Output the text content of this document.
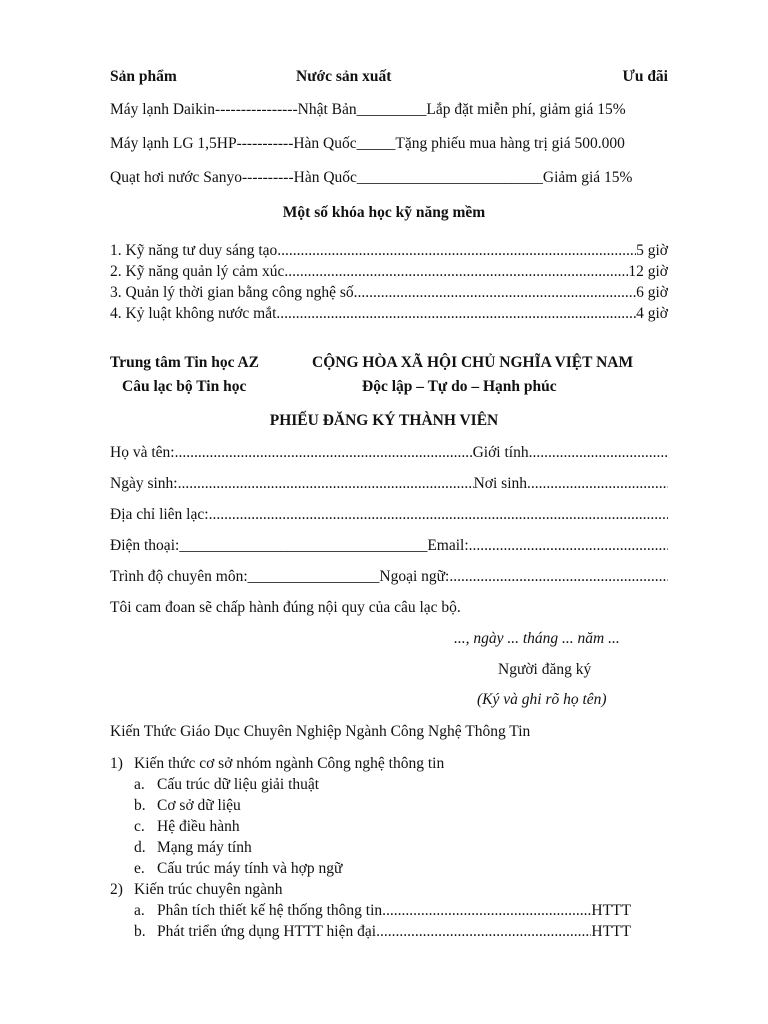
Sản phẩm	Nước sản xuất	Ưu đãi
Máy lạnh Daikin----------------Nhật Bản_________Lắp đặt miễn phí, giảm giá 15%
Máy lạnh LG 1,5HP-----------Hàn Quốc_____Tặng phiếu mua hàng trị giá 500.000
Quạt hơi nước Sanyo----------Hàn Quốc________________________Giảm giá 15%
Một số khóa học kỹ năng mềm
1. Kỹ năng tư duy sáng tạo .....	5 giờ
2. Kỹ năng quản lý cảm xúc .....	12 giờ
3. Quản lý thời gian bằng công nghệ số .....	6 giờ
4. Kỷ luật không nước mắt .....	4 giờ
Trung tâm Tin học AZ
Câu lạc bộ Tin học
CỘNG HÒA XÃ HỘI CHỦ NGHĨA VIỆT NAM
Độc lập – Tự do – Hạnh phúc
PHIẾU ĐĂNG KÝ THÀNH VIÊN
Họ và tên: .....	Giới tính
.....
Ngày sinh: .....	Nơi sinh
.....
Địa chỉ liên lạc:
.....
Điện thoại: ________________________________ Email:
.....
Trình độ chuyên môn: _________________ Ngoại ngữ:
.....
Tôi cam đoan sẽ chấp hành đúng nội quy của câu lạc bộ.
..., ngày ... tháng ... năm ...
Người đăng ký
(Ký và ghi rõ họ tên)
Kiến Thức Giáo Dục Chuyên Nghiệp Ngành Công Nghệ Thông Tin
1) Kiến thức cơ sở nhóm ngành Công nghệ thông tin
a. Cấu trúc dữ liệu giải thuật
b. Cơ sở dữ liệu
c. Hệ điều hành
d. Mạng máy tính
e. Cấu trúc máy tính và hợp ngữ
2) Kiến trúc chuyên ngành
a. Phân tích thiết kế hệ thống thông tin .....	HTTT
b. Phát triển ứng dụng HTTT hiện đại .....	HTTT
